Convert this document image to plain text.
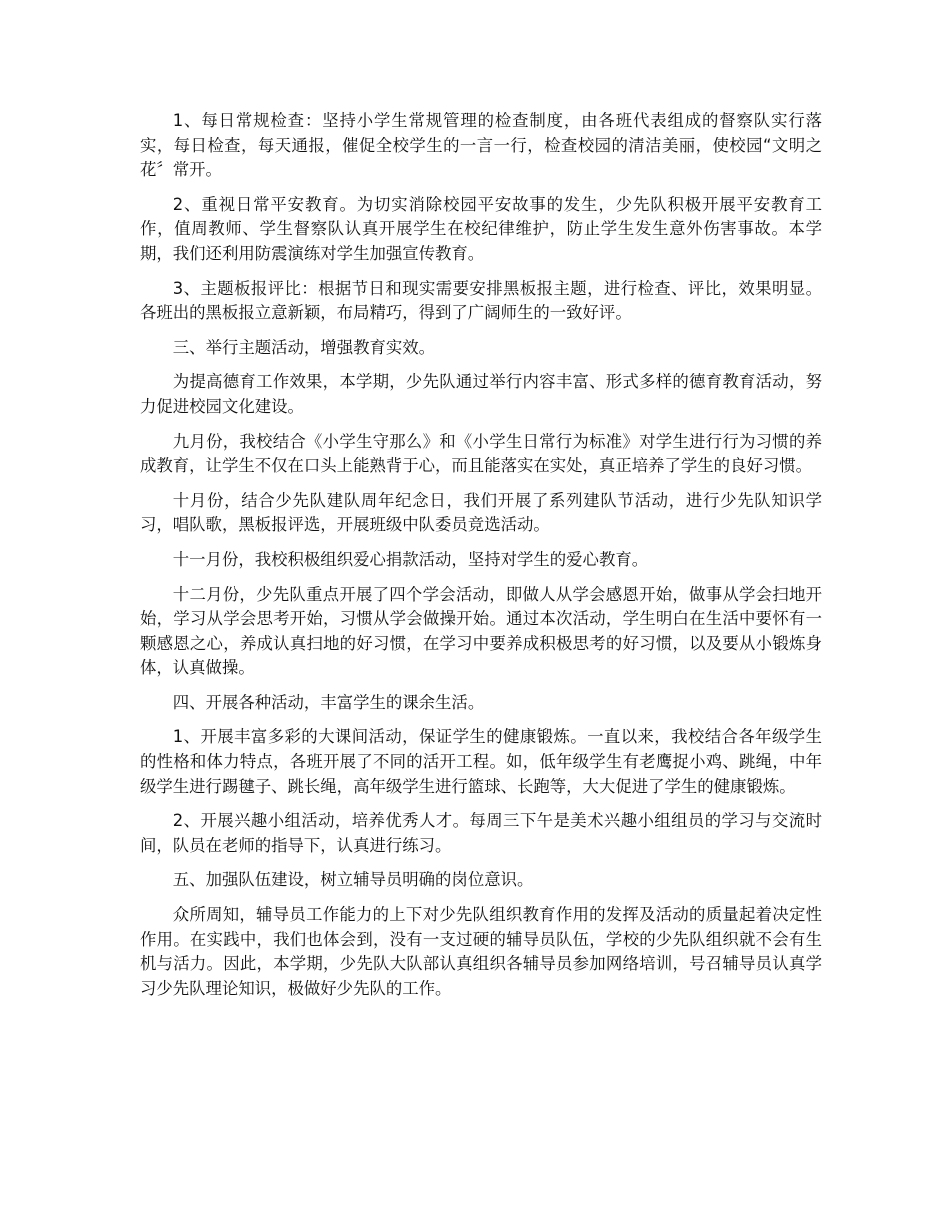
1、每日常规检查：坚持小学生常规管理的检查制度，由各班代表组成的督察队实行落实，每日检查，每天通报，催促全校学生的一言一行，检查校园的清洁美丽，使校园“文明之花〞常开。

2、重视日常平安教育。为切实消除校园平安故事的发生，少先队积极开展平安教育工作，值周教师、学生督察队认真开展学生在校纪律维护，防止学生发生意外伤害事故。本学期，我们还利用防震演练对学生加强宣传教育。

3、主题板报评比：根据节日和现实需要安排黑板报主题，进行检查、评比，效果明显。各班出的黑板报立意新颖，布局精巧，得到了广阔师生的一致好评。

三、举行主题活动，增强教育实效。

为提高德育工作效果，本学期，少先队通过举行内容丰富、形式多样的德育教育活动，努力促进校园文化建设。

九月份，我校结合《小学生守那么》和《小学生日常行为标准》对学生进行行为习惯的养成教育，让学生不仅在口头上能熟背于心，而且能落实在实处，真正培养了学生的良好习惯。

十月份，结合少先队建队周年纪念日，我们开展了系列建队节活动，进行少先队知识学习，唱队歌，黑板报评选，开展班级中队委员竞选活动。

十一月份，我校积极组织爱心捐款活动，坚持对学生的爱心教育。

十二月份，少先队重点开展了四个学会活动，即做人从学会感恩开始，做事从学会扫地开始，学习从学会思考开始，习惯从学会做操开始。通过本次活动，学生明白在生活中要怀有一颗感恩之心，养成认真扫地的好习惯，在学习中要养成积极思考的好习惯，以及要从小锻炼身体，认真做操。

四、开展各种活动，丰富学生的课余生活。

1、开展丰富多彩的大课间活动，保证学生的健康锻炼。一直以来，我校结合各年级学生的性格和体力特点，各班开展了不同的活开工程。如，低年级学生有老鹰捉小鸡、跳绳，中年级学生进行踢毽子、跳长绳，高年级学生进行篮球、长跑等，大大促进了学生的健康锻炼。

2、开展兴趣小组活动，培养优秀人才。每周三下午是美术兴趣小组组员的学习与交流时间，队员在老师的指导下，认真进行练习。

五、加强队伍建设，树立辅导员明确的岗位意识。

众所周知，辅导员工作能力的上下对少先队组织教育作用的发挥及活动的质量起着决定性作用。在实践中，我们也体会到，没有一支过硬的辅导员队伍，学校的少先队组织就不会有生机与活力。因此，本学期，少先队大队部认真组织各辅导员参加网络培训，号召辅导员认真学习少先队理论知识，极做好少先队的工作。
